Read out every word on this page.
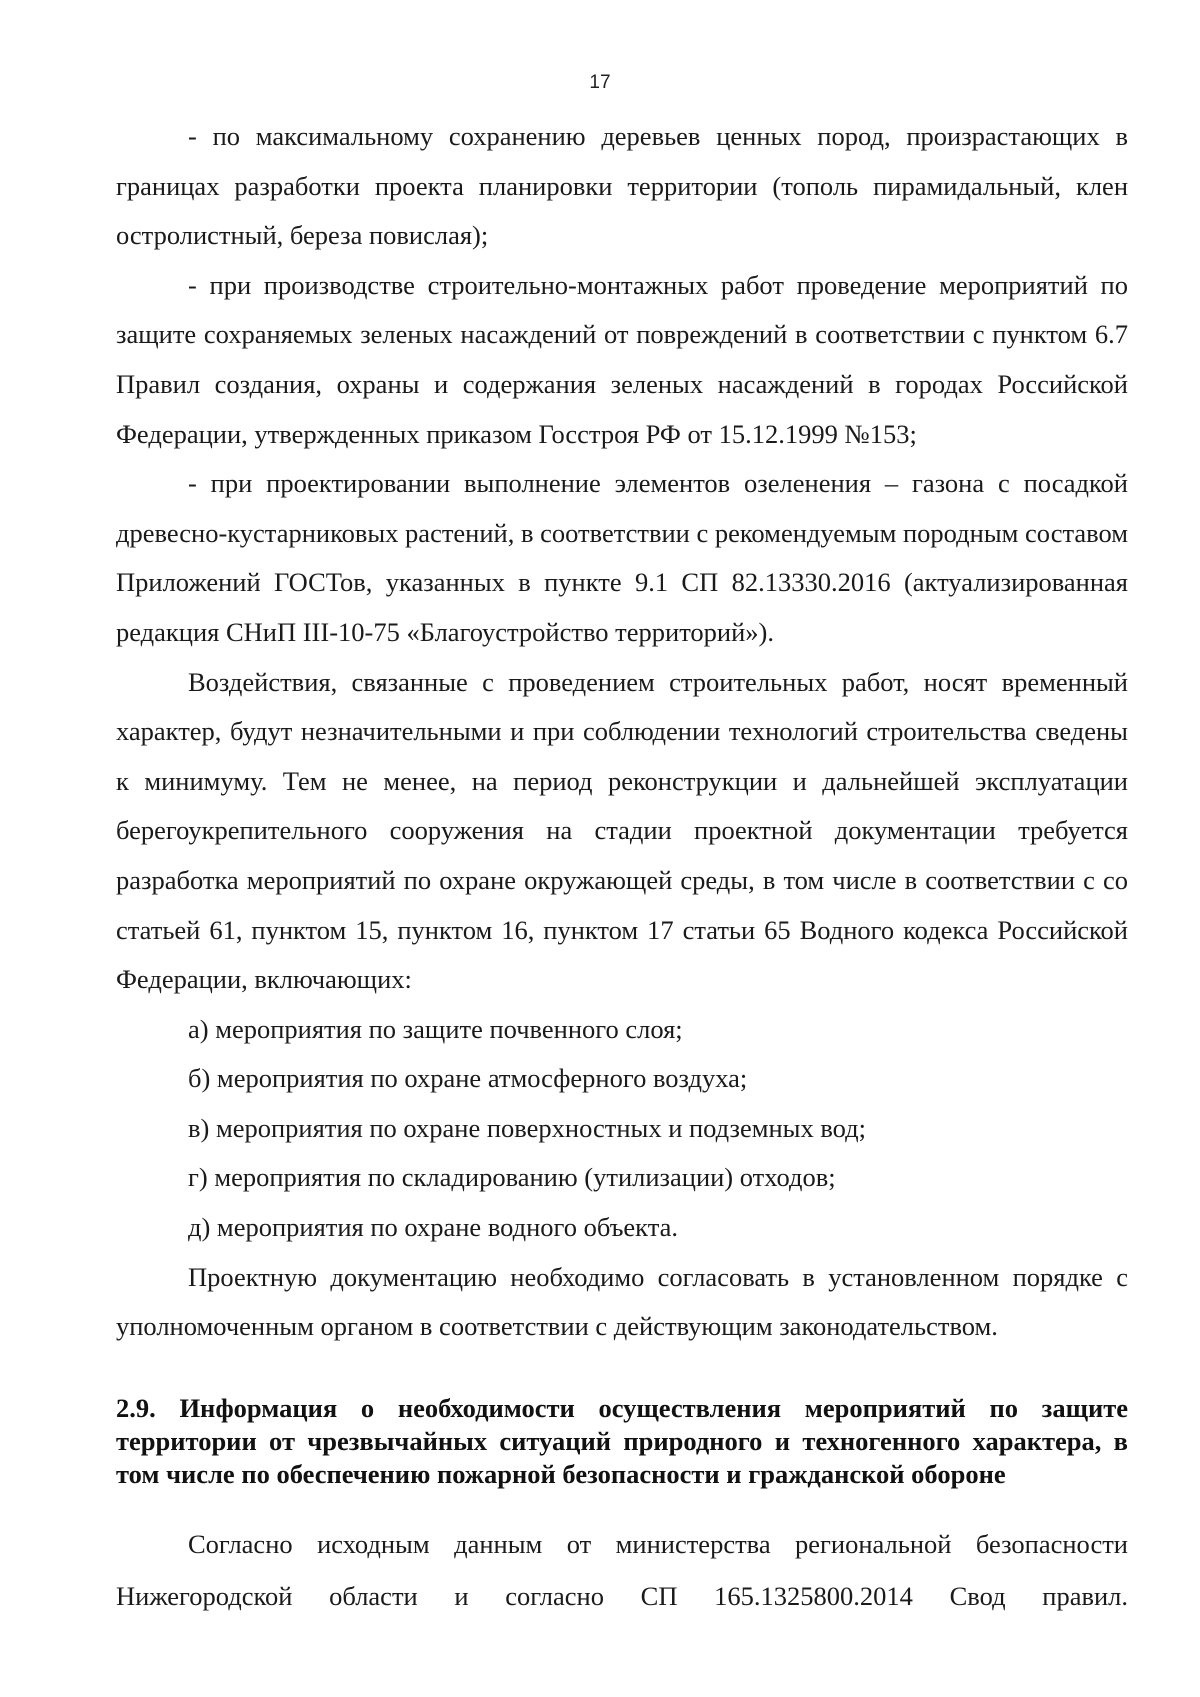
17

- по максимальному сохранению деревьев ценных пород, произрастающих в границах разработки проекта планировки территории (тополь пирамидальный, клен остролистный, береза повислая);

- при производстве строительно-монтажных работ проведение мероприятий по защите сохраняемых зеленых насаждений от повреждений в соответствии с пунктом 6.7 Правил создания, охраны и содержания зеленых насаждений в городах Российской Федерации, утвержденных приказом Госстроя РФ от 15.12.1999 №153;

- при проектировании выполнение элементов озеленения – газона с посадкой древесно-кустарниковых растений, в соответствии с рекомендуемым породным составом Приложений ГОСТов, указанных в пункте 9.1 СП 82.13330.2016 (актуализированная редакция СНиП III-10-75 «Благоустройство территорий»).

Воздействия, связанные с проведением строительных работ, носят временный характер, будут незначительными и при соблюдении технологий строительства сведены к минимуму. Тем не менее, на период реконструкции и дальнейшей эксплуатации берегоукрепительного сооружения на стадии проектной документации требуется разработка мероприятий по охране окружающей среды, в том числе в соответствии с со статьей 61, пунктом 15, пунктом 16, пунктом 17 статьи 65 Водного кодекса Российской Федерации, включающих:

а) мероприятия по защите почвенного слоя;

б) мероприятия по охране атмосферного воздуха;

в) мероприятия по охране поверхностных и подземных вод;

г) мероприятия по складированию (утилизации) отходов;

д) мероприятия по охране водного объекта.

Проектную документацию необходимо согласовать в установленном порядке с уполномоченным органом в соответствии с действующим законодательством.

2.9. Информация о необходимости осуществления мероприятий по защите территории от чрезвычайных ситуаций природного и техногенного характера, в том числе по обеспечению пожарной безопасности и гражданской обороне

Согласно исходным данным от министерства региональной безопасности Нижегородской области и согласно СП 165.1325800.2014 Свод правил.
